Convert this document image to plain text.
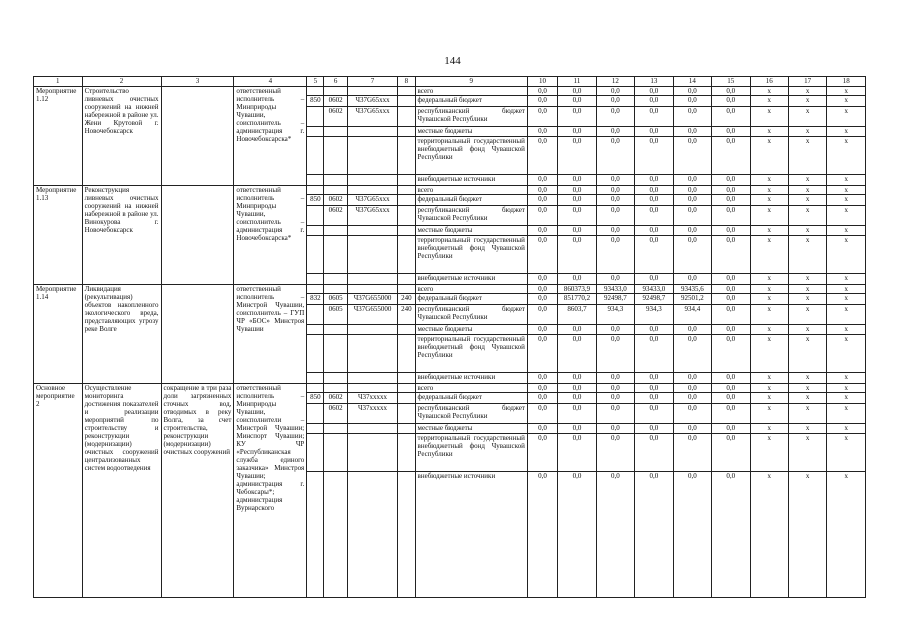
144
1	2	3	4	5	6	7	8	9	10	11	12	13	14	15	16	17	18
Мероприятие 1.12	Строительство ливневых очистных сооружений на нижней набережной в районе ул. Жени Крутовой г. Новочебоксарск		ответственный исполнитель – Минприроды Чувашии, соисполнитель – администрация г. Новочебоксарска*					всего	0,0	0,0	0,0	0,0	0,0	0,0	х	х	х
				850	0602	Ч37G65ххх		федеральный бюджет	0,0	0,0	0,0	0,0	0,0	0,0	х	х	х
					0602	Ч37G65ххх		республиканский бюджет Чувашской Республики	0,0	0,0	0,0	0,0	0,0	0,0	х	х	х
								местные бюджеты	0,0	0,0	0,0	0,0	0,0	0,0	х	х	х
								территориальный государственный внебюджетный фонд Чувашской Республики	0,0	0,0	0,0	0,0	0,0	0,0	х	х	х
								внебюджетные источники	0,0	0,0	0,0	0,0	0,0	0,0	х	х	х
Мероприятие 1.13	Реконструкция ливневых очистных сооружений на нижней набережной в районе ул. Винокурова г. Новочебоксарск		ответственный исполнитель – Минприроды Чувашии, соисполнитель – администрация г. Новочебоксарска*					всего	0,0	0,0	0,0	0,0	0,0	0,0	х	х	х
				850	0602	Ч37G65ххх		федеральный бюджет	0,0	0,0	0,0	0,0	0,0	0,0	х	х	х
					0602	Ч37G65ххх		республиканский бюджет Чувашской Республики	0,0	0,0	0,0	0,0	0,0	0,0	х	х	х
								местные бюджеты	0,0	0,0	0,0	0,0	0,0	0,0	х	х	х
								территориальный государственный внебюджетный фонд Чувашской Республики	0,0	0,0	0,0	0,0	0,0	0,0	х	х	х
								внебюджетные источники	0,0	0,0	0,0	0,0	0,0	0,0	х	х	х
Мероприятие 1.14	Ликвидация (рекультивация) объектов накопленного экологического вреда, представляющих угрозу реке Волге		ответственный исполнитель – Минстрой Чувашии, соисполнитель – ГУП ЧР «БОС» Минстроя Чувашии					всего	0,0	860373,9	93433,0	93433,0	93435,6	0,0	х	х	х
				832	0605	Ч37G655000	240	федеральный бюджет	0,0	851770,2	92498,7	92498,7	92501,2	0,0	х	х	х
					0605	Ч37G655000	240	республиканский бюджет Чувашской Республики	0,0	8603,7	934,3	934,3	934,4	0,0	х	х	х
								местные бюджеты	0,0	0,0	0,0	0,0	0,0	0,0	х	х	х
								территориальный государственный внебюджетный фонд Чувашской Республики	0,0	0,0	0,0	0,0	0,0	0,0	х	х	х
								внебюджетные источники	0,0	0,0	0,0	0,0	0,0	0,0	х	х	х
Основное мероприятие 2	Осуществление мониторинга достижения показателей и реализации мероприятий по строительству и реконструкции (модернизации) очистных сооружений централизованных систем водоотведения	сокращение в три раза доли загрязненных сточных вод, отводимых в реку Волга, за счет строительства, реконструкции (модернизации) очистных сооружений	ответственный исполнитель – Минприроды Чувашии, соисполнители – Минстрой Чувашии; Минспорт Чувашии; КУ ЧР «Республиканская служба единого заказчика» Минстроя Чувашии; администрация г. Чебоксары*; администрация Вурнарского					всего	0,0	0,0	0,0	0,0	0,0	0,0	х	х	х
				850	0602	Ч37ххххх		федеральный бюджет	0,0	0,0	0,0	0,0	0,0	0,0	х	х	х
					0602	Ч37ххххх		республиканский бюджет Чувашской Республики	0,0	0,0	0,0	0,0	0,0	0,0	х	х	х
								местные бюджеты	0,0	0,0	0,0	0,0	0,0	0,0	х	х	х
								территориальный государственный внебюджетный фонд Чувашской Республики	0,0	0,0	0,0	0,0	0,0	0,0	х	х	х
								внебюджетные источники	0,0	0,0	0,0	0,0	0,0	0,0	х	х	х
